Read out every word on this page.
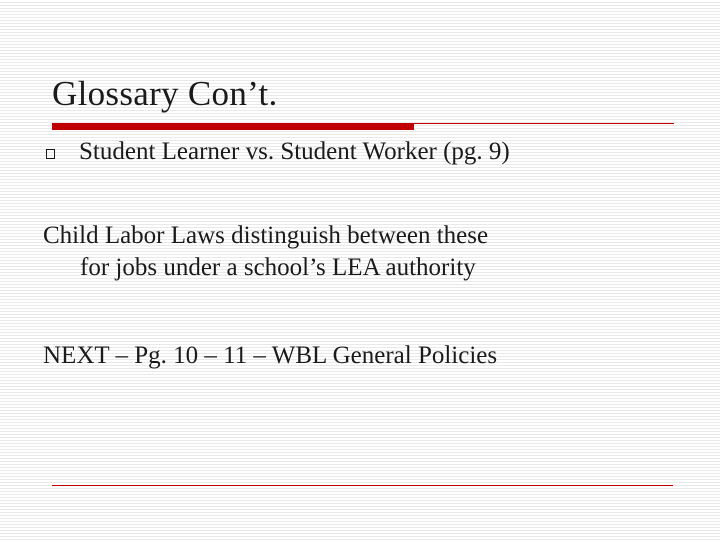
Glossary Con’t.
Student Learner vs. Student Worker (pg. 9)
Child Labor Laws distinguish between these
for jobs under a school’s LEA authority
NEXT – Pg. 10 – 11 – WBL General Policies
